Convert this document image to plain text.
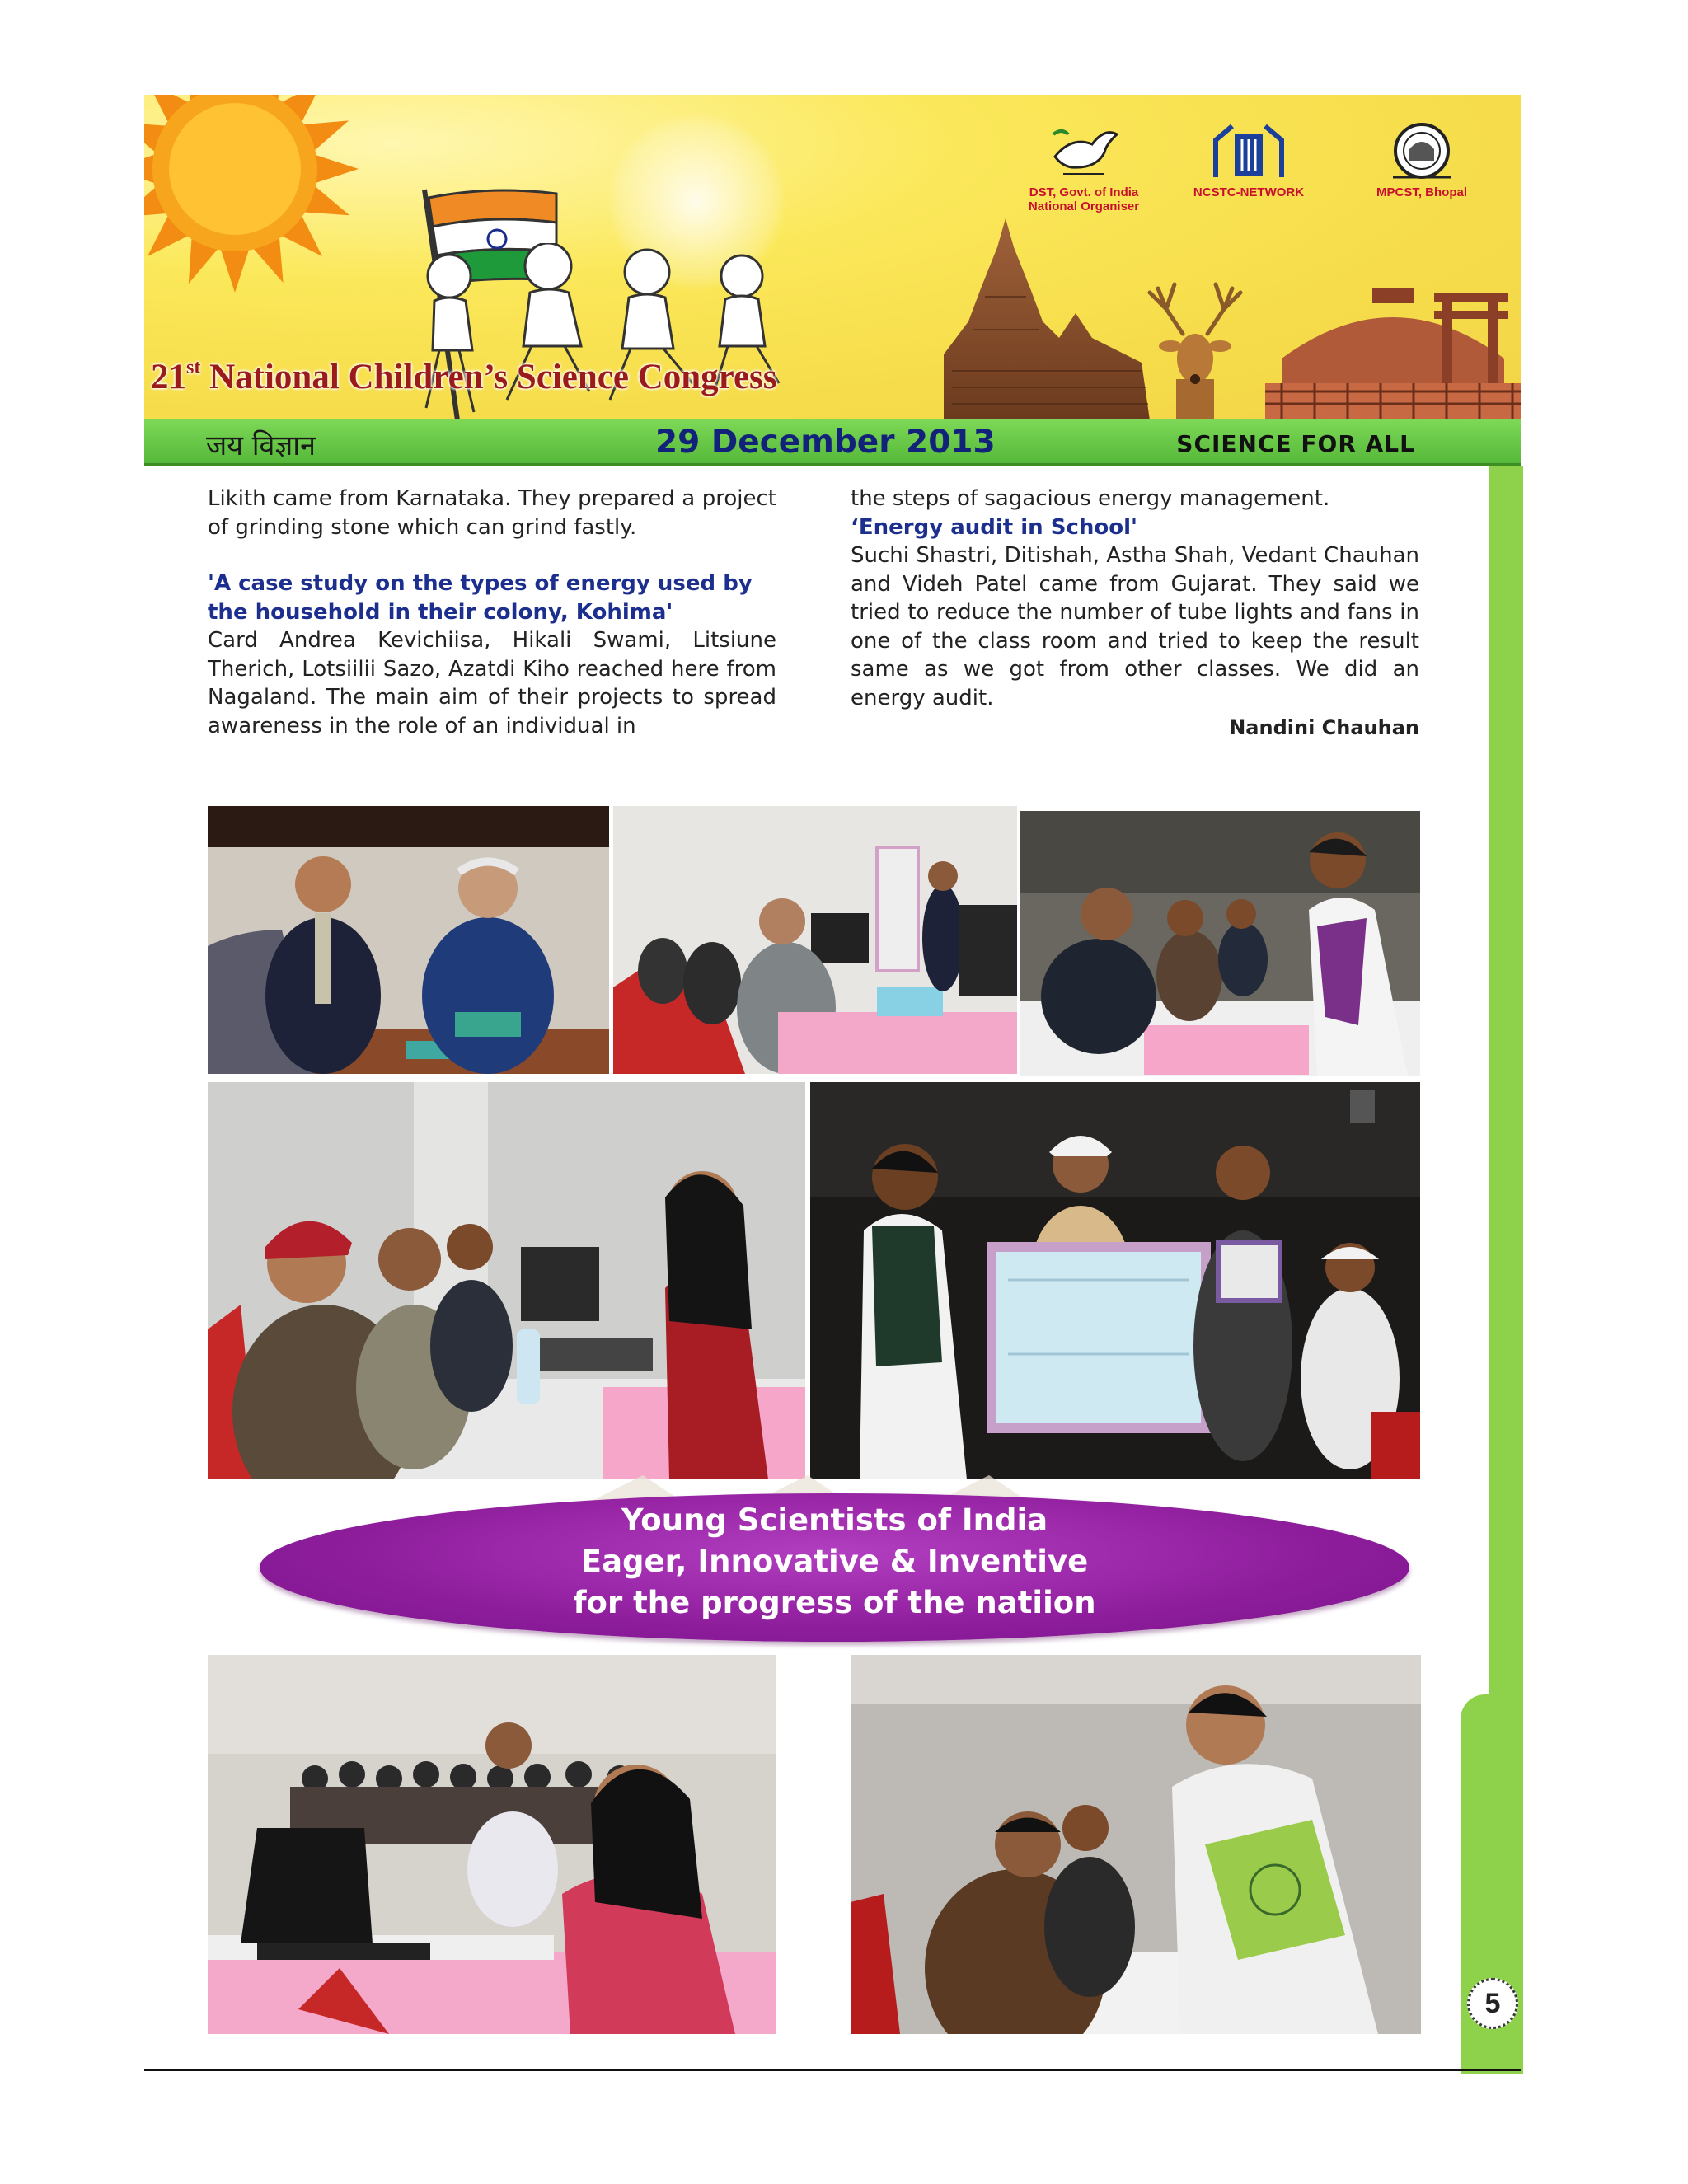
DST, Govt. of India
National Organiser
NCSTC-NETWORK	MPCST, Bhopal
21st National Children’s Science Congress
जय विज्ञान	29 December 2013	SCIENCE FOR ALL
5

Likith came from Karnataka. They prepared a project of grinding stone which can grind fastly.

'A case study on the types of energy used by the household in their colony, Kohima'

Card Andrea Kevichiisa, Hikali Swami, Litsiune Therich, Lotsiilii Sazo, Azatdi Kiho reached here from Nagaland. The main aim of their projects to spread awareness in the role of an individual in

the steps of sagacious energy management.

‘Energy audit in School'

Suchi Shastri, Ditishah, Astha Shah, Vedant Chauhan and Videh Patel came from Gujarat. They said we tried to reduce the number of tube lights and fans in one of the class room and tried to keep the result same as we got from other classes. We did an energy audit.

Nandini Chauhan

Young Scientists of India
Eager, Innovative & Inventive
for the progress of the natiion
